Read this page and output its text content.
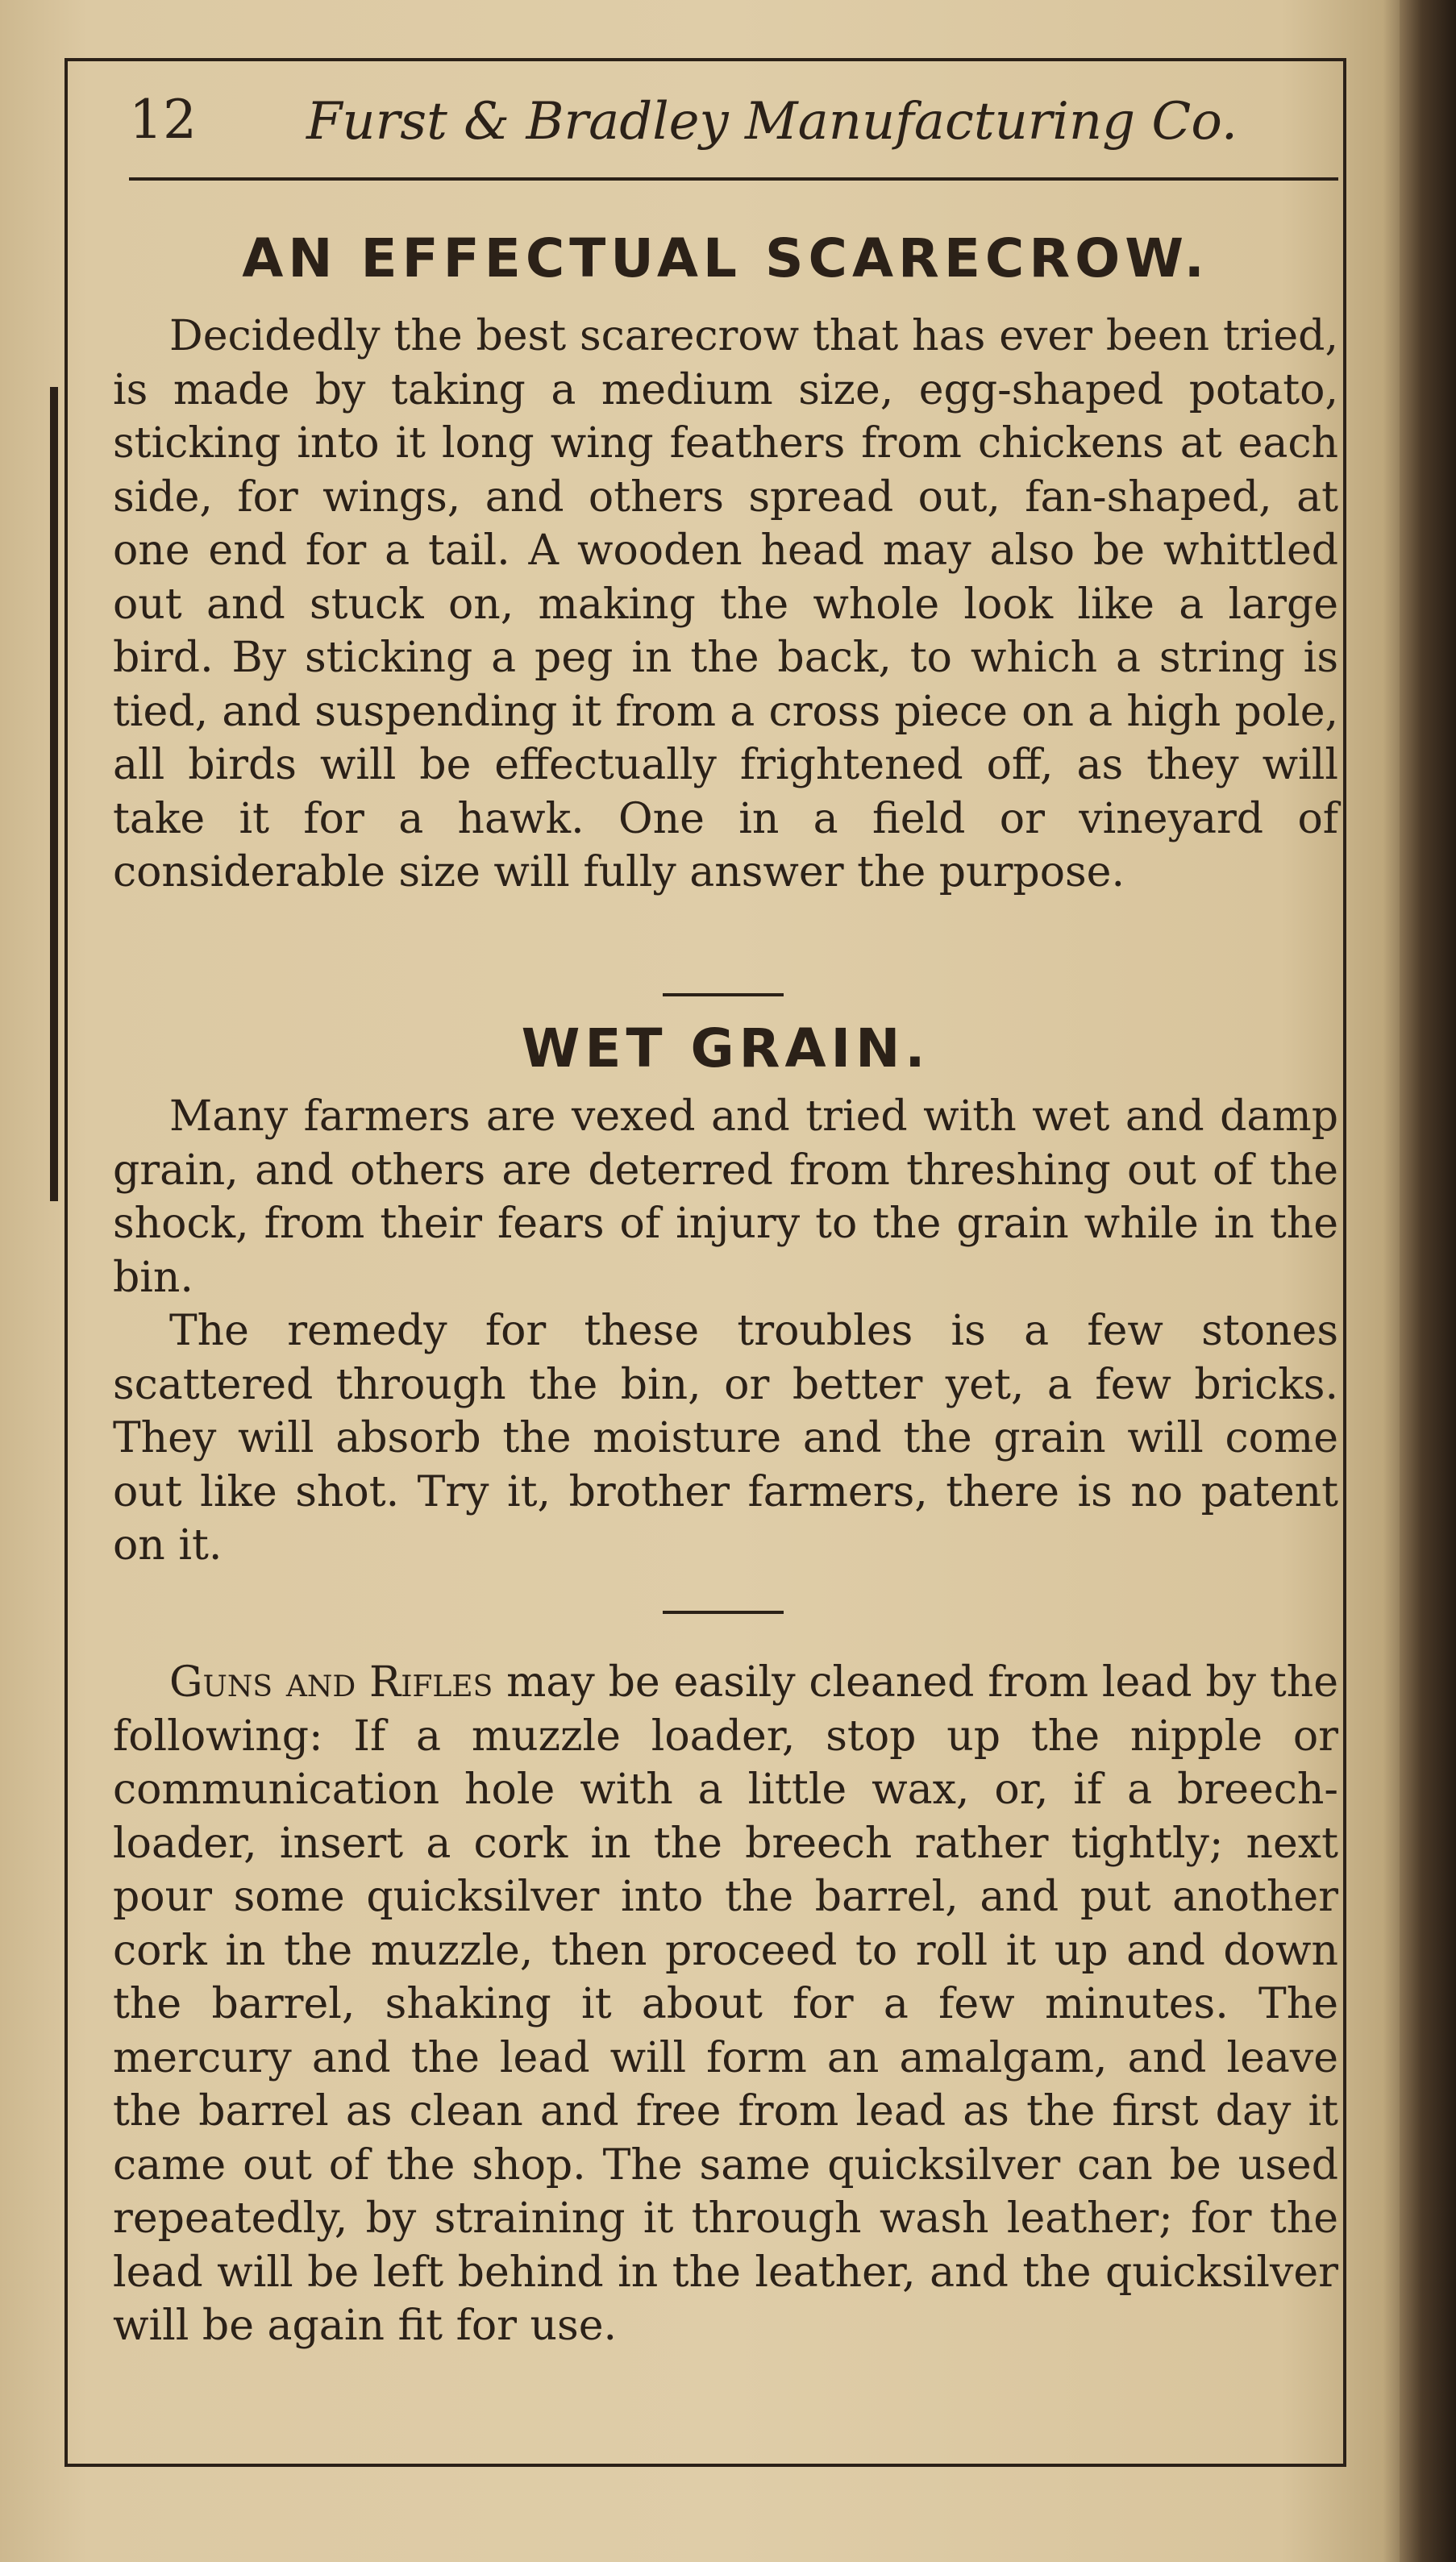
12 Furst & Bradley Manufacturing Co.
AN EFFECTUAL SCARECROW.

Decidedly the best scarecrow that has ever been tried, is made by taking a medium size, egg-shaped potato, sticking into it long wing feathers from chickens at each side, for wings, and others spread out, fan-shaped, at one end for a tail. A wooden head may also be whittled out and stuck on, making the whole look like a large bird. By sticking a peg in the back, to which a string is tied, and suspending it from a cross piece on a high pole, all birds will be effectually frightened off, as they will take it for a hawk. One in a field or vineyard of considerable size will fully answer the purpose.

WET GRAIN.

Many farmers are vexed and tried with wet and damp grain, and others are deterred from threshing out of the shock, from their fears of injury to the grain while in the bin.

The remedy for these troubles is a few stones scattered through the bin, or better yet, a few bricks. They will absorb the moisture and the grain will come out like shot. Try it, brother farmers, there is no patent on it.

Guns and Rifles may be easily cleaned from lead by the following: If a muzzle loader, stop up the nipple or communication hole with a little wax, or, if a breech-loader, insert a cork in the breech rather tightly; next pour some quicksilver into the barrel, and put another cork in the muzzle, then proceed to roll it up and down the barrel, shaking it about for a few minutes. The mercury and the lead will form an amalgam, and leave the barrel as clean and free from lead as the first day it came out of the shop. The same quicksilver can be used repeatedly, by straining it through wash leather; for the lead will be left behind in the leather, and the quicksilver will be again fit for use.
